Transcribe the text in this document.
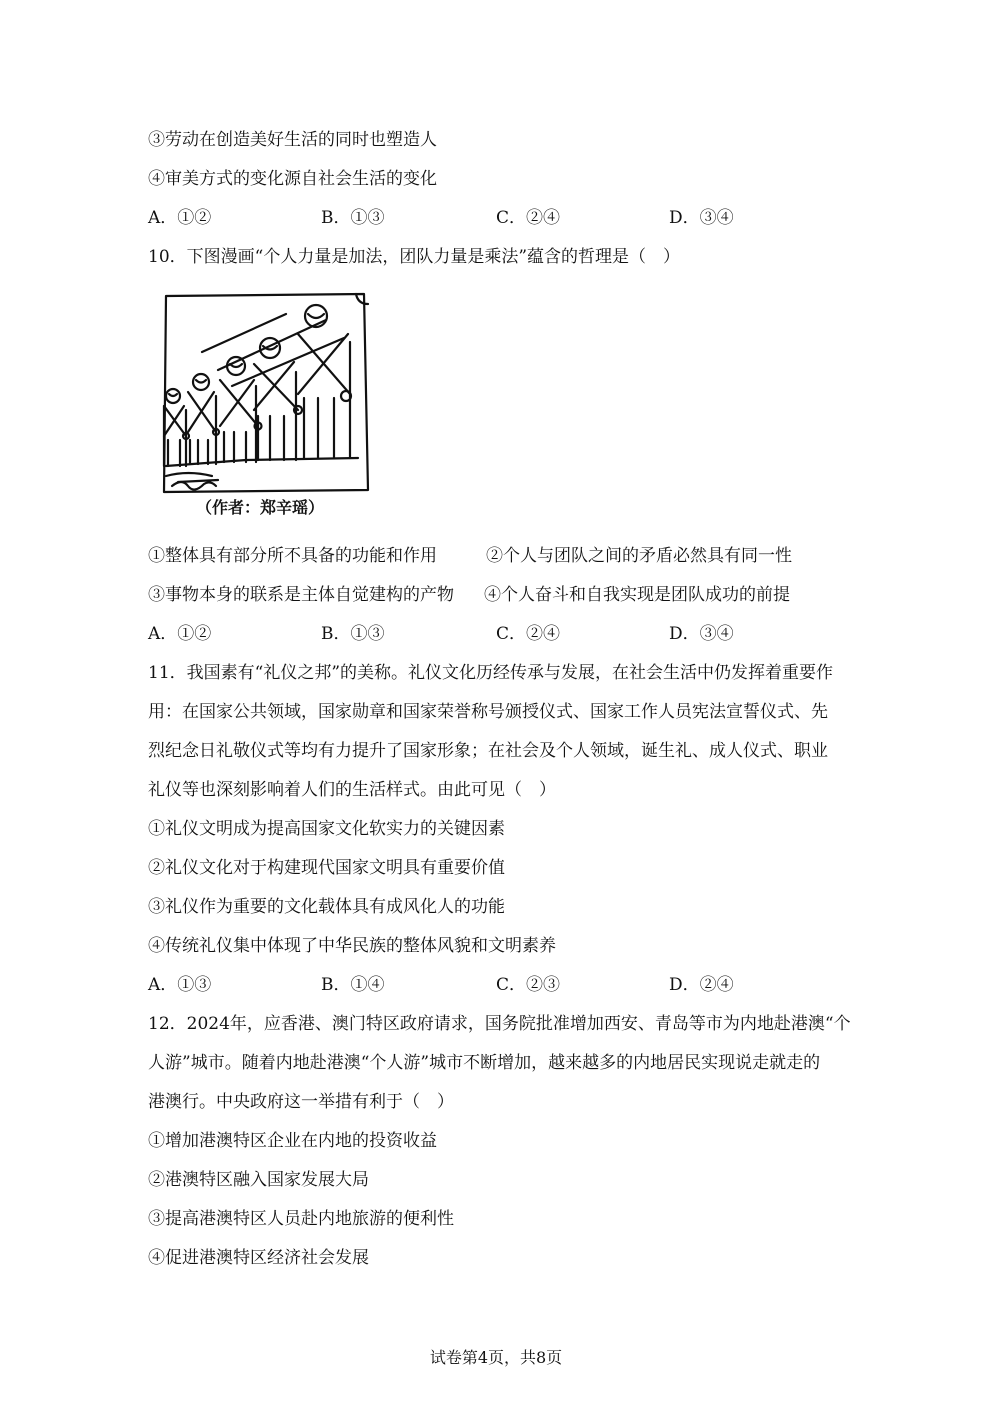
③劳动在创造美好生活的同时也塑造人
④审美方式的变化源自社会生活的变化
A．①②	B．①③	C．②④	D．③④
10．下图漫画“个人力量是加法，团队力量是乘法”蕴含的哲理是（　）
（作者：郑辛瑶）
①整体具有部分所不具备的功能和作用	②个人与团队之间的矛盾必然具有同一性
③事物本身的联系是主体自觉建构的产物 ④个人奋斗和自我实现是团队成功的前提
A．①②	B．①③	C．②④	D．③④
11．我国素有“礼仪之邦”的美称。礼仪文化历经传承与发展，在社会生活中仍发挥着重要作
用：在国家公共领域，国家勋章和国家荣誉称号颁授仪式、国家工作人员宪法宣誓仪式、先
烈纪念日礼敬仪式等均有力提升了国家形象；在社会及个人领域，诞生礼、成人仪式、职业
礼仪等也深刻影响着人们的生活样式。由此可见（　）
①礼仪文明成为提高国家文化软实力的关键因素
②礼仪文化对于构建现代国家文明具有重要价值
③礼仪作为重要的文化载体具有成风化人的功能
④传统礼仪集中体现了中华民族的整体风貌和文明素养
A．①③	B．①④	C．②③	D．②④
12．2024年，应香港、澳门特区政府请求，国务院批准增加西安、青岛等市为内地赴港澳“个
人游”城市。随着内地赴港澳“个人游”城市不断增加，越来越多的内地居民实现说走就走的
港澳行。中央政府这一举措有利于（　）
①增加港澳特区企业在内地的投资收益
②港澳特区融入国家发展大局
③提高港澳特区人员赴内地旅游的便利性
④促进港澳特区经济社会发展
试卷第4页，共8页
